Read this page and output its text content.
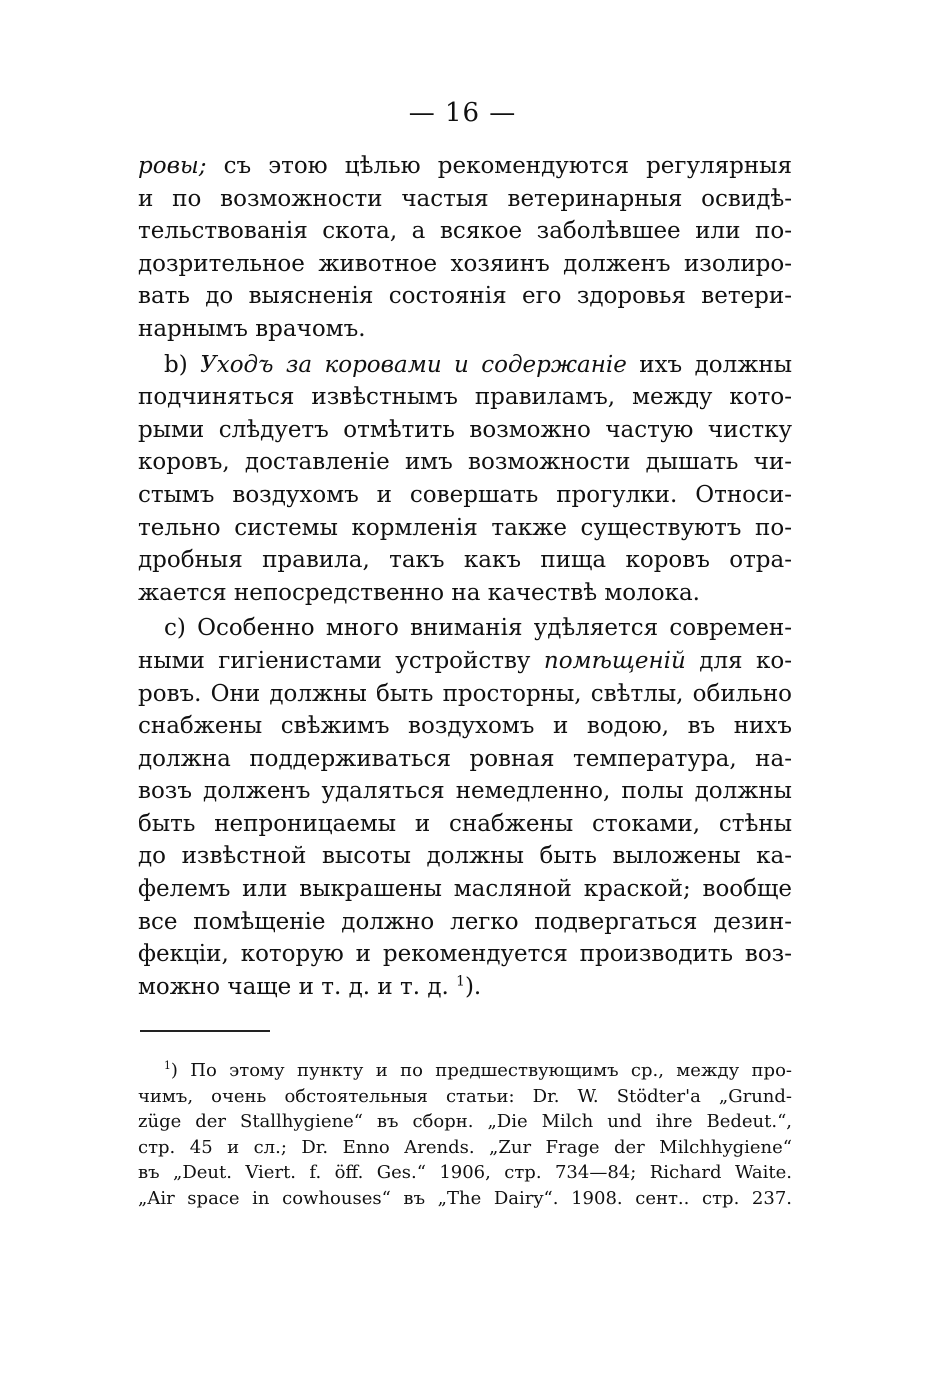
— 16 —
ровы; съ этою цѣлью рекомендуются регулярныя
и по возможности частыя ветеринарныя освидѣ-
тельствованія скота, а всякое заболѣвшее или по-
дозрительное животное хозяинъ долженъ изолиро-
вать до выясненія состоянія его здоровья ветери-
нарнымъ врачомъ.
b) Уходъ за коровами и содержаніе ихъ должны
подчиняться извѣстнымъ правиламъ, между кото-
рыми слѣдуетъ отмѣтить возможно частую чистку
коровъ, доставленіе имъ возможности дышать чи-
стымъ воздухомъ и совершать прогулки. Относи-
тельно системы кормленія также существуютъ по-
дробныя правила, такъ какъ пища коровъ отра-
жается непосредственно на качествѣ молока.
c) Особенно много вниманія удѣляется современ-
ными гигіенистами устройству помѣщеній для ко-
ровъ. Они должны быть просторны, свѣтлы, обильно
снабжены свѣжимъ воздухомъ и водою, въ нихъ
должна поддерживаться ровная температура, на-
возъ долженъ удаляться немедленно, полы должны
быть непроницаемы и снабжены стоками, стѣны
до извѣстной высоты должны быть выложены ка-
фелемъ или выкрашены масляной краской; вообще
все помѣщеніе должно легко подвергаться дезин-
фекціи, которую и рекомендуется производить воз-
можно чаще и т. д. и т. д. $^1$).
$^1$) По этому пункту и по предшествующимъ ср., между про-
чимъ, очень обстоятельныя статьи: Dr. W. Stödter'a „Grund-
züge der Stallhygiene“ въ сборн. „Die Milch und ihre Bedeut.“,
стр. 45 и сл.; Dr. Enno Arends. „Zur Frage der Milchhygiene“
въ „Deut. Viert. f. öff. Ges.“ 1906, стр. 734—84; Richard Waite.
„Air space in cowhouses“ въ „The Dairy“. 1908. сент.. стр. 237.
